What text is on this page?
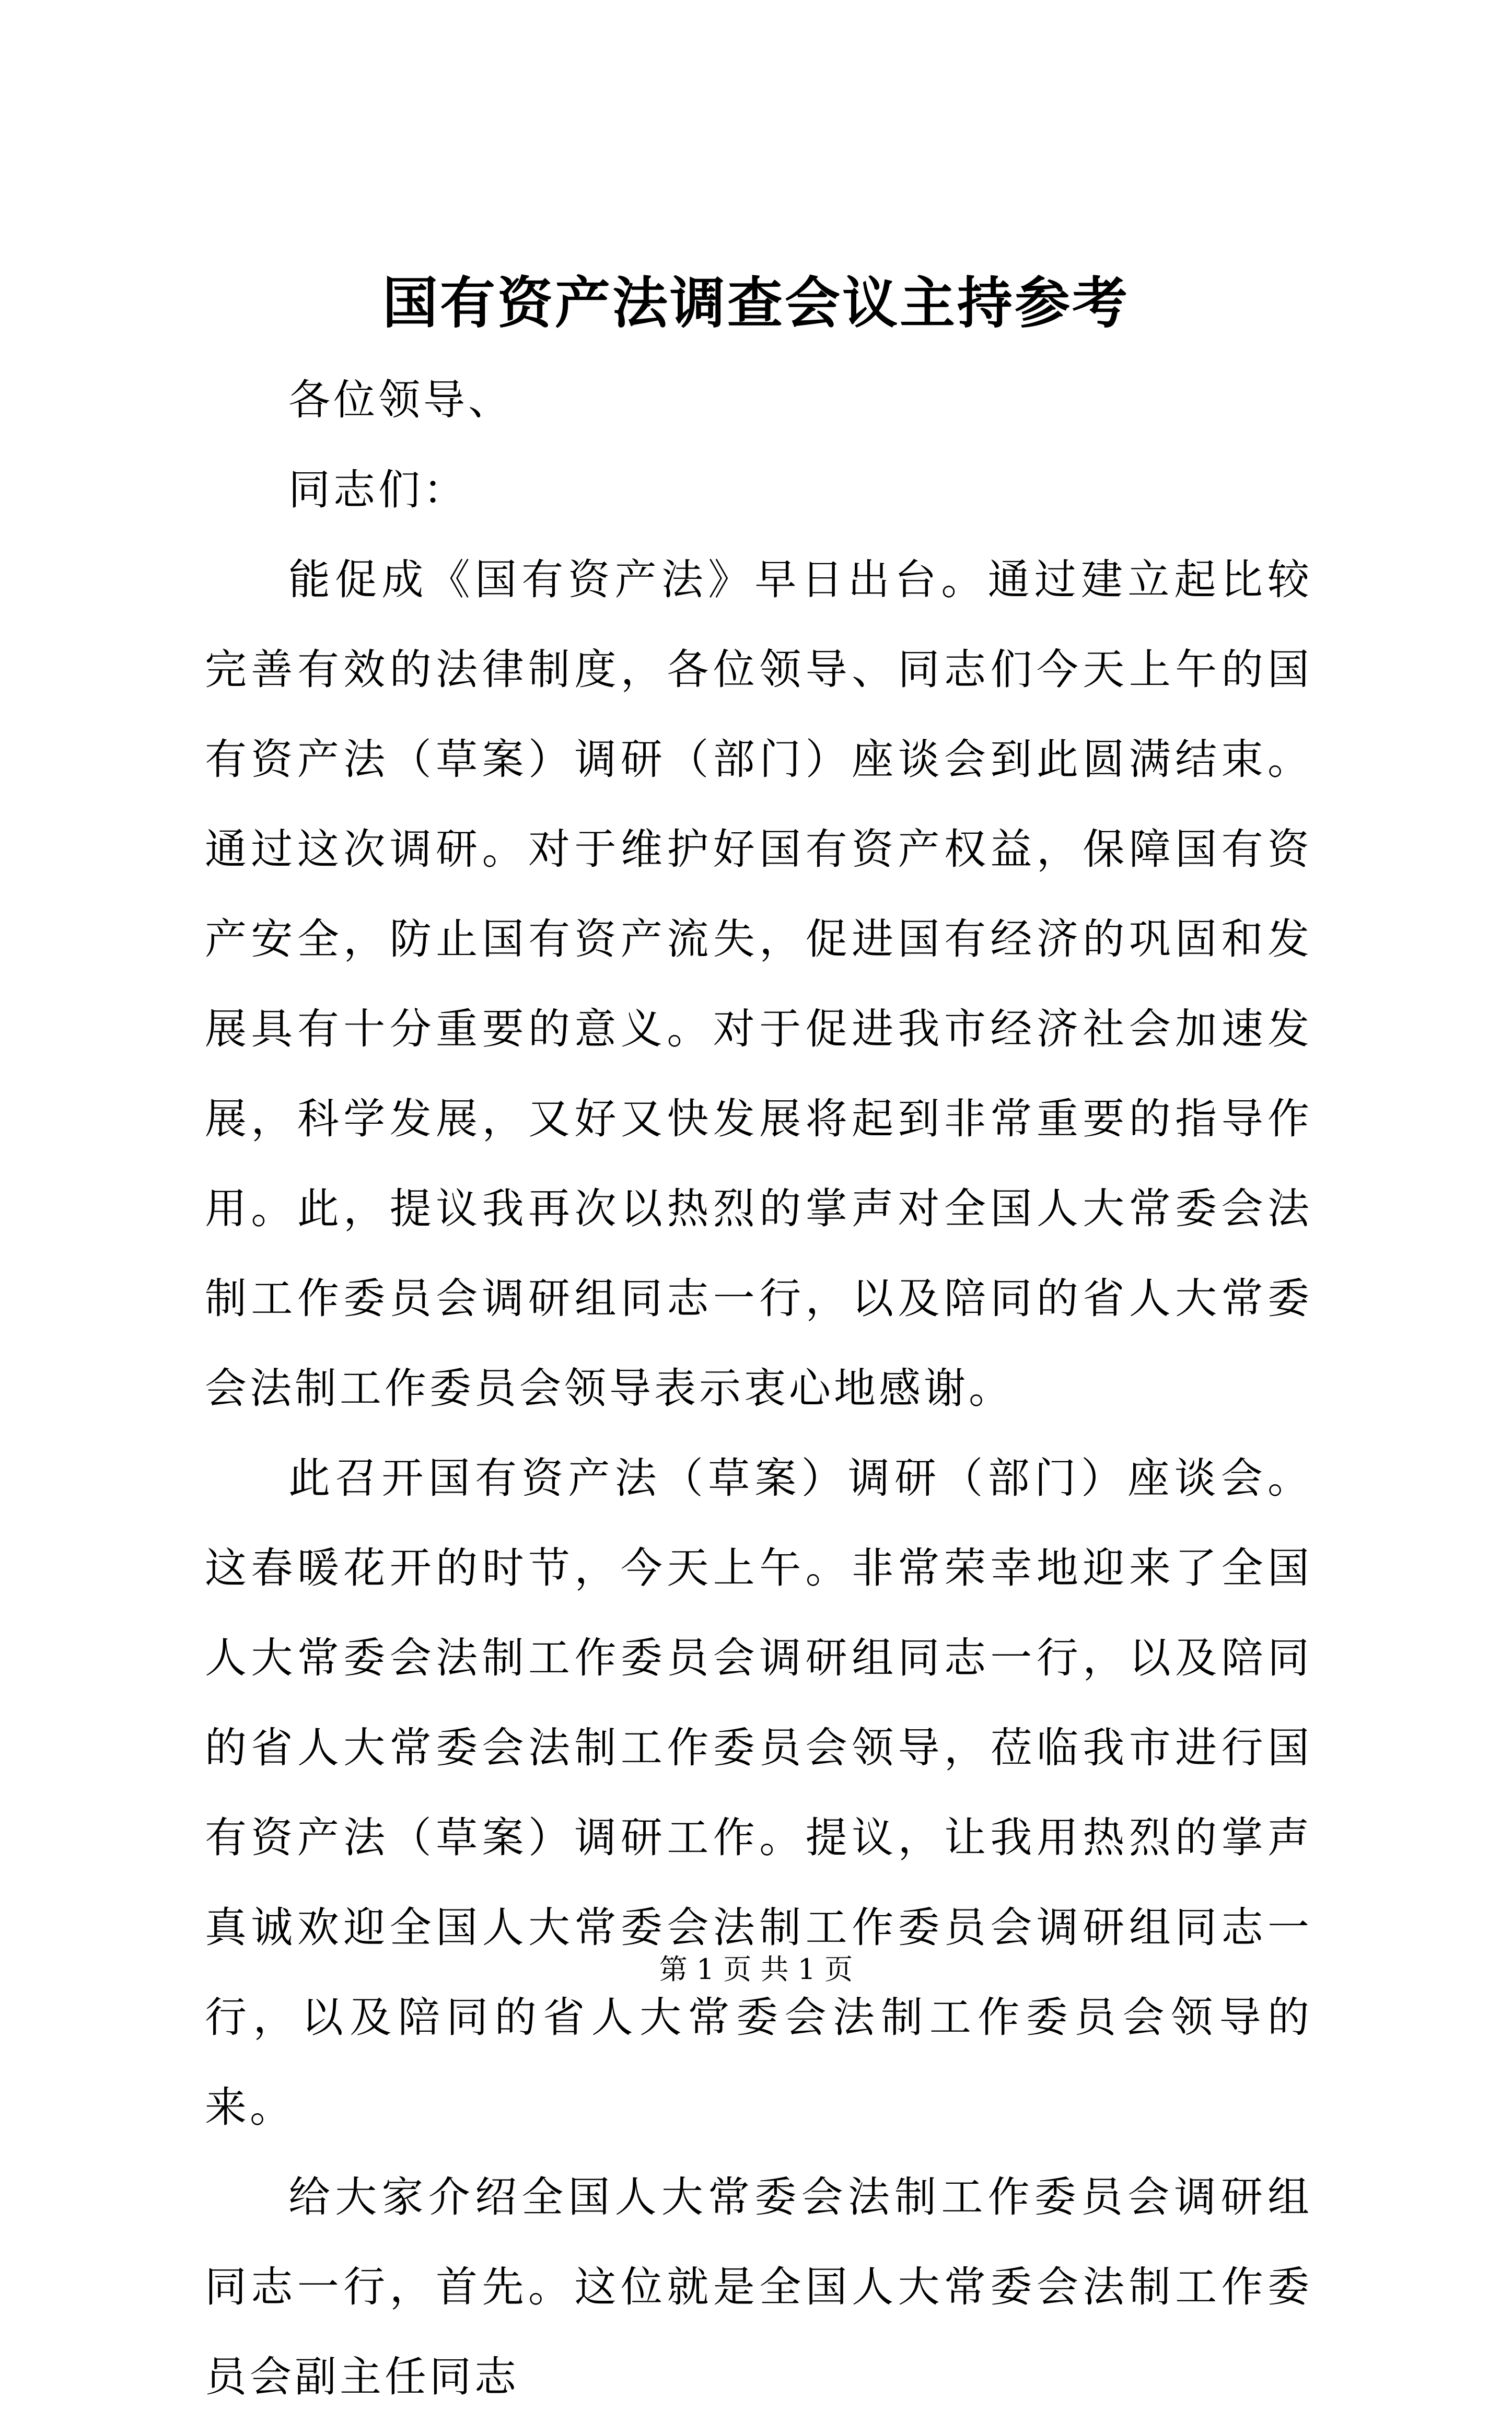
国有资产法调查会议主持参考

各位领导、

同志们：

能促成《国有资产法》早日出台。通过建立起比较完善有效的法律制度，各位领导、同志们今天上午的国有资产法（草案）调研（部门）座谈会到此圆满结束。通过这次调研。对于维护好国有资产权益，保障国有资产安全，防止国有资产流失，促进国有经济的巩固和发展具有十分重要的意义。对于促进我市经济社会加速发展，科学发展，又好又快发展将起到非常重要的指导作用。此，提议我再次以热烈的掌声对全国人大常委会法制工作委员会调研组同志一行，以及陪同的省人大常委会法制工作委员会领导表示衷心地感谢。

此召开国有资产法（草案）调研（部门）座谈会。这春暖花开的时节，今天上午。非常荣幸地迎来了全国人大常委会法制工作委员会调研组同志一行，以及陪同的省人大常委会法制工作委员会领导，莅临我市进行国有资产法（草案）调研工作。提议，让我用热烈的掌声真诚欢迎全国人大常委会法制工作委员会调研组同志一行，以及陪同的省人大常委会法制工作委员会领导的来。

给大家介绍全国人大常委会法制工作委员会调研组同志一行，首先。这位就是全国人大常委会法制工作委员会副主任同志

第 1 页 共 1 页
